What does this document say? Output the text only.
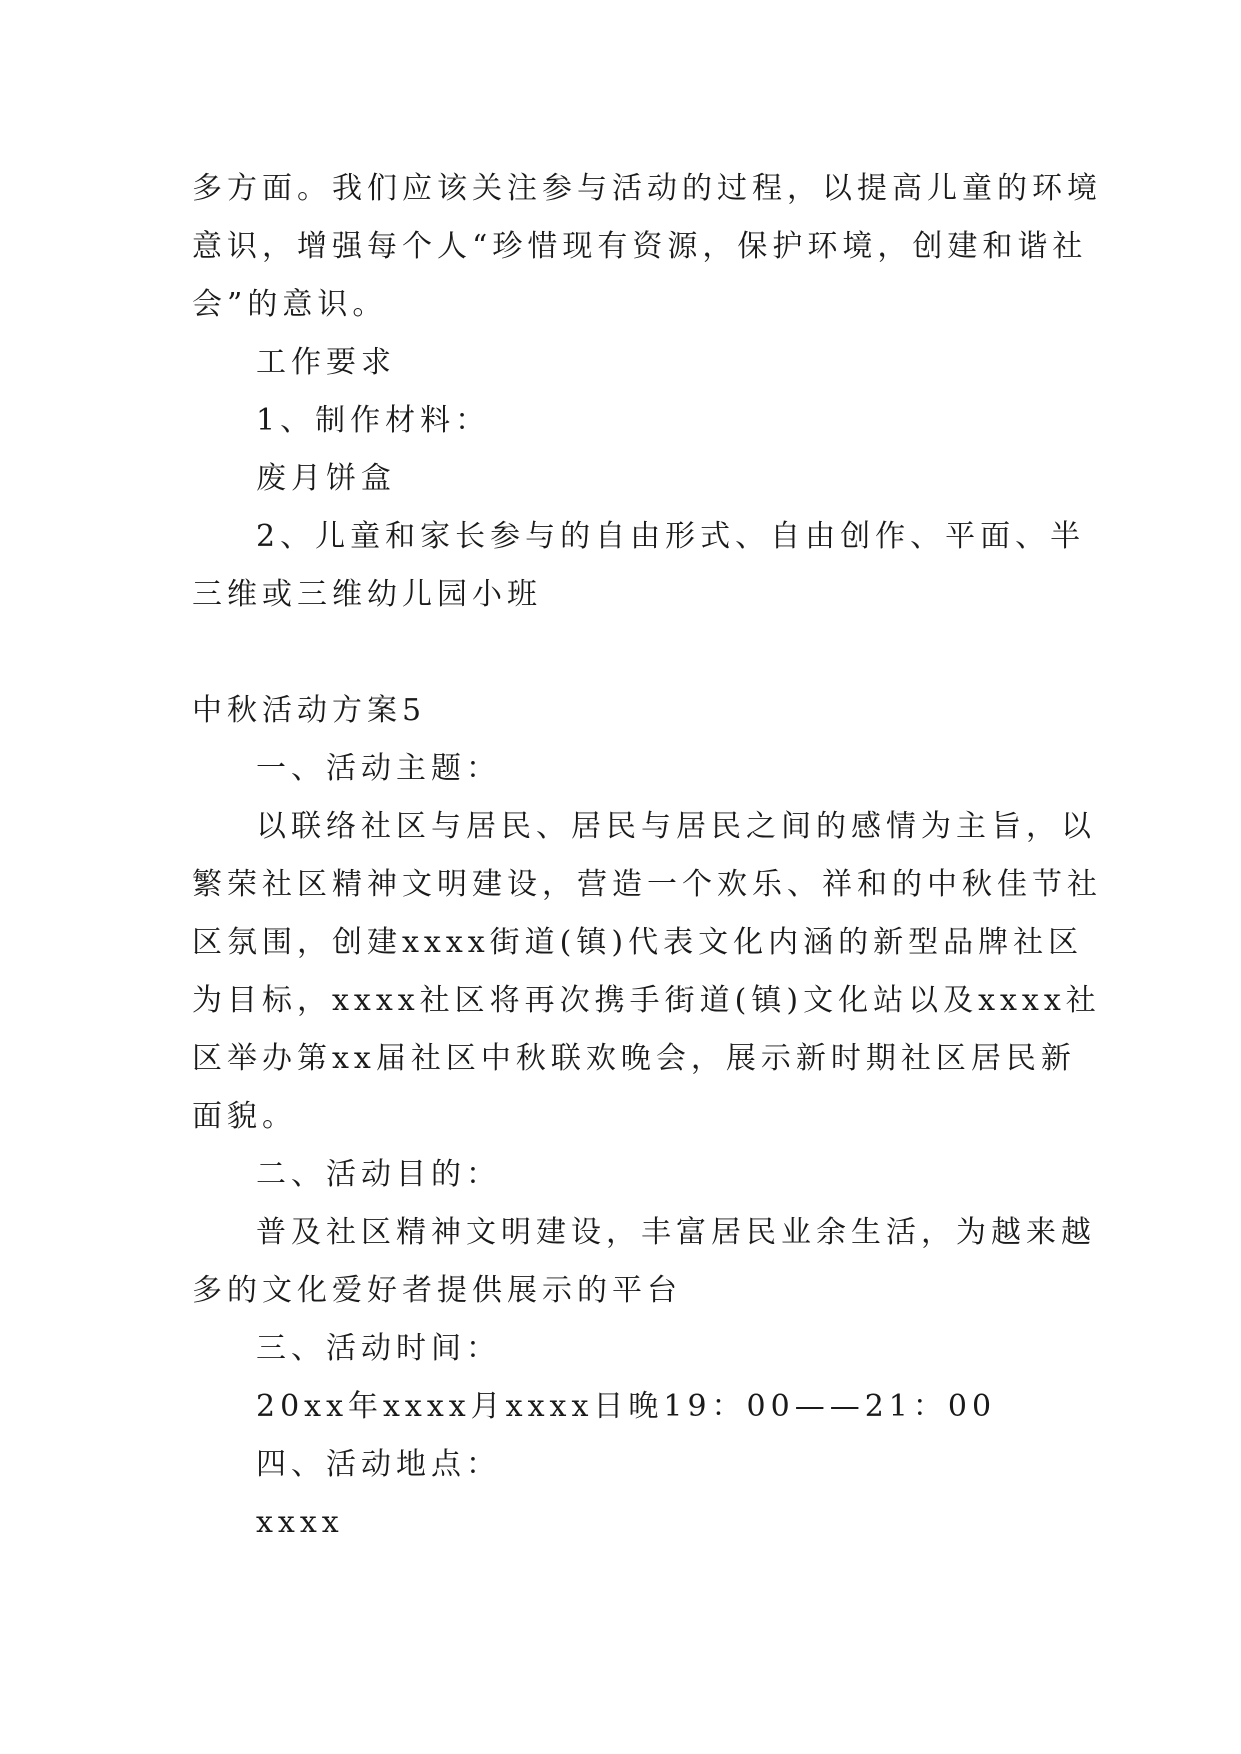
多方面。我们应该关注参与活动的过程，以提高儿童的环境
意识，增强每个人“珍惜现有资源，保护环境，创建和谐社
会”的意识。
工作要求
1、制作材料：
废月饼盒
2、儿童和家长参与的自由形式、自由创作、平面、半
三维或三维幼儿园小班
中秋活动方案5
一、活动主题：
以联络社区与居民、居民与居民之间的感情为主旨，以
繁荣社区精神文明建设，营造一个欢乐、祥和的中秋佳节社
区氛围，创建xxxx街道(镇)代表文化内涵的新型品牌社区
为目标，xxxx社区将再次携手街道(镇)文化站以及xxxx社
区举办第xx届社区中秋联欢晚会，展示新时期社区居民新
面貌。
二、活动目的：
普及社区精神文明建设，丰富居民业余生活，为越来越
多的文化爱好者提供展示的平台
三、活动时间：
20xx年xxxx月xxxx日晚19：00——21：00
四、活动地点：
xxxx
